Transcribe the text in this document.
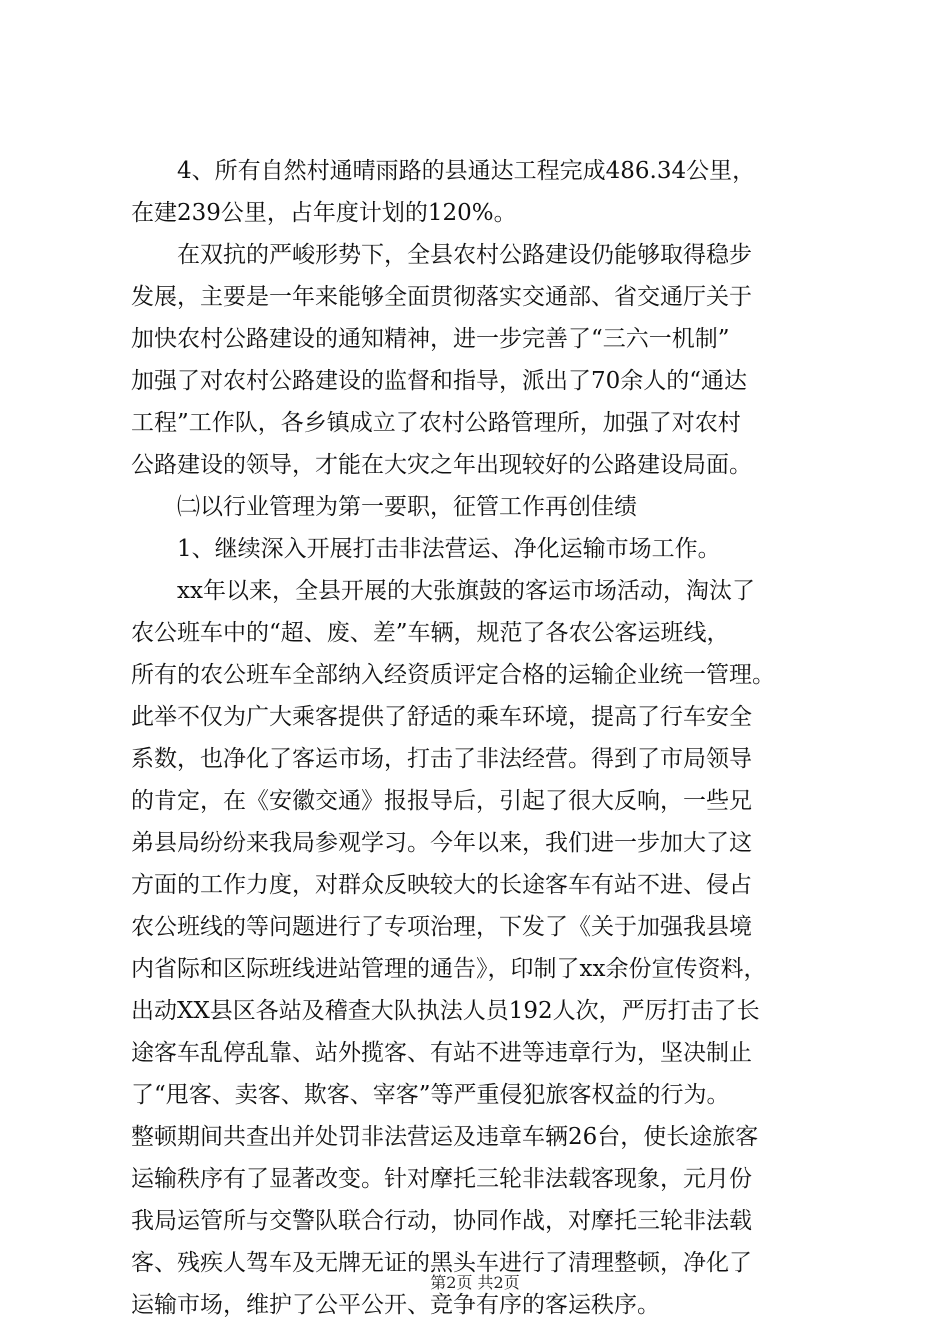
4、所有自然村通晴雨路的县通达工程完成486.34公里，
在建239公里，占年度计划的120%。
在双抗的严峻形势下，全县农村公路建设仍能够取得稳步
发展，主要是一年来能够全面贯彻落实交通部、省交通厅关于
加快农村公路建设的通知精神，进一步完善了“三六一机制”
加强了对农村公路建设的监督和指导，派出了70余人的“通达
工程”工作队，各乡镇成立了农村公路管理所，加强了对农村
公路建设的领导，才能在大灾之年出现较好的公路建设局面。
㈡以行业管理为第一要职，征管工作再创佳绩
1、继续深入开展打击非法营运、净化运输市场工作。
xx年以来，全县开展的大张旗鼓的客运市场活动，淘汰了
农公班车中的“超、废、差”车辆，规范了各农公客运班线，
所有的农公班车全部纳入经资质评定合格的运输企业统一管理。
此举不仅为广大乘客提供了舒适的乘车环境，提高了行车安全
系数，也净化了客运市场，打击了非法经营。得到了市局领导
的肯定，在《安徽交通》报报导后，引起了很大反响，一些兄
弟县局纷纷来我局参观学习。今年以来，我们进一步加大了这
方面的工作力度，对群众反映较大的长途客车有站不进、侵占
农公班线的等问题进行了专项治理，下发了《关于加强我县境
内省际和区际班线进站管理的通告》，印制了xx余份宣传资料，
出动XX县区各站及稽查大队执法人员192人次，严厉打击了长
途客车乱停乱靠、站外揽客、有站不进等违章行为，坚决制止
了“甩客、卖客、欺客、宰客”等严重侵犯旅客权益的行为。
整顿期间共查出并处罚非法营运及违章车辆26台，使长途旅客
运输秩序有了显著改变。针对摩托三轮非法载客现象，元月份
我局运管所与交警队联合行动，协同作战，对摩托三轮非法载
客、残疾人驾车及无牌无证的黑头车进行了清理整顿，净化了
运输市场，维护了公平公开、竞争有序的客运秩序。
第2页 共2页
